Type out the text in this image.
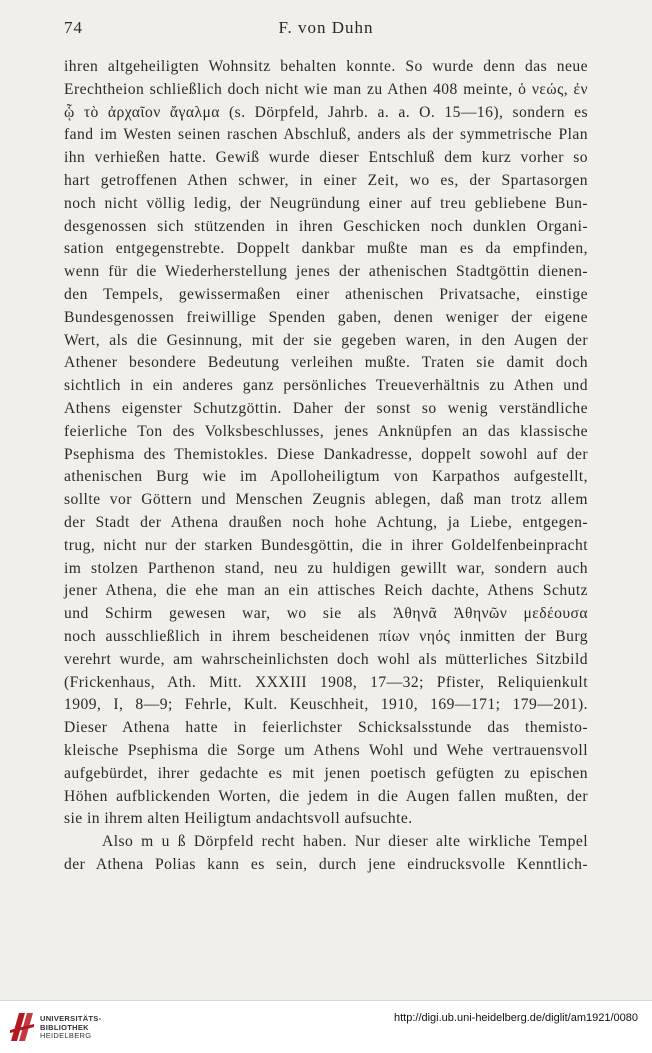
74	F. von Duhn
ihren altgeheiligten Wohnsitz behalten konnte. So wurde denn das neue
Erechtheion schließlich doch nicht wie man zu Athen 408 meinte, ὁ νεώς, ἐν
ᾧ τὸ ἀρχαῖον ἄγαλμα (s. Dörpfeld, Jahrb. a. a. O. 15—16), sondern es
fand im Westen seinen raschen Abschluß, anders als der symmetrische Plan
ihn verhießen hatte. Gewiß wurde dieser Entschluß dem kurz vorher so
hart getroffenen Athen schwer, in einer Zeit, wo es, der Spartasorgen
noch nicht völlig ledig, der Neugründung einer auf treu gebliebene Bun-
desgenossen sich stützenden in ihren Geschicken noch dunklen Organi-
sation entgegenstrebte. Doppelt dankbar mußte man es da empfinden,
wenn für die Wiederherstellung jenes der athenischen Stadtgöttin dienen-
den Tempels, gewissermaßen einer athenischen Privatsache, einstige
Bundesgenossen freiwillige Spenden gaben, denen weniger der eigene
Wert, als die Gesinnung, mit der sie gegeben waren, in den Augen der
Athener besondere Bedeutung verleihen mußte. Traten sie damit doch
sichtlich in ein anderes ganz persönliches Treueverhältnis zu Athen und
Athens eigenster Schutzgöttin. Daher der sonst so wenig verständliche
feierliche Ton des Volksbeschlusses, jenes Anknüpfen an das klassische
Psephisma des Themistokles. Diese Dankadresse, doppelt sowohl auf der
athenischen Burg wie im Apolloheiligtum von Karpathos aufgestellt,
sollte vor Göttern und Menschen Zeugnis ablegen, daß man trotz allem
der Stadt der Athena draußen noch hohe Achtung, ja Liebe, entgegen-
trug, nicht nur der starken Bundesgöttin, die in ihrer Goldelfenbeinpracht
im stolzen Parthenon stand, neu zu huldigen gewillt war, sondern auch
jener Athena, die ehe man an ein attisches Reich dachte, Athens Schutz
und Schirm gewesen war, wo sie als Ἀθηνᾶ Ἀθηνῶν μεδέουσα
noch ausschließlich in ihrem bescheidenen πίων νηός inmitten der Burg
verehrt wurde, am wahrscheinlichsten doch wohl als mütterliches Sitzbild
(Frickenhaus, Ath. Mitt. XXXIII 1908, 17—32; Pfister, Reliquienkult
1909, I, 8—9; Fehrle, Kult. Keuschheit, 1910, 169—171; 179—201).
Dieser Athena hatte in feierlichster Schicksalsstunde das themisto-
kleische Psephisma die Sorge um Athens Wohl und Wehe vertrauensvoll
aufgebürdet, ihrer gedachte es mit jenen poetisch gefügten zu epischen
Höhen aufblickenden Worten, die jedem in die Augen fallen mußten, der
sie in ihrem alten Heiligtum andachtsvoll aufsuchte.
Also m u ß Dörpfeld recht haben. Nur dieser alte wirkliche Tempel
der Athena Polias kann es sein, durch jene eindrucksvolle Kenntlich-
UNIVERSITÄTS-
BIBLIOTHEK
HEIDELBERG
http://digi.ub.uni-heidelberg.de/diglit/am1921/0080
